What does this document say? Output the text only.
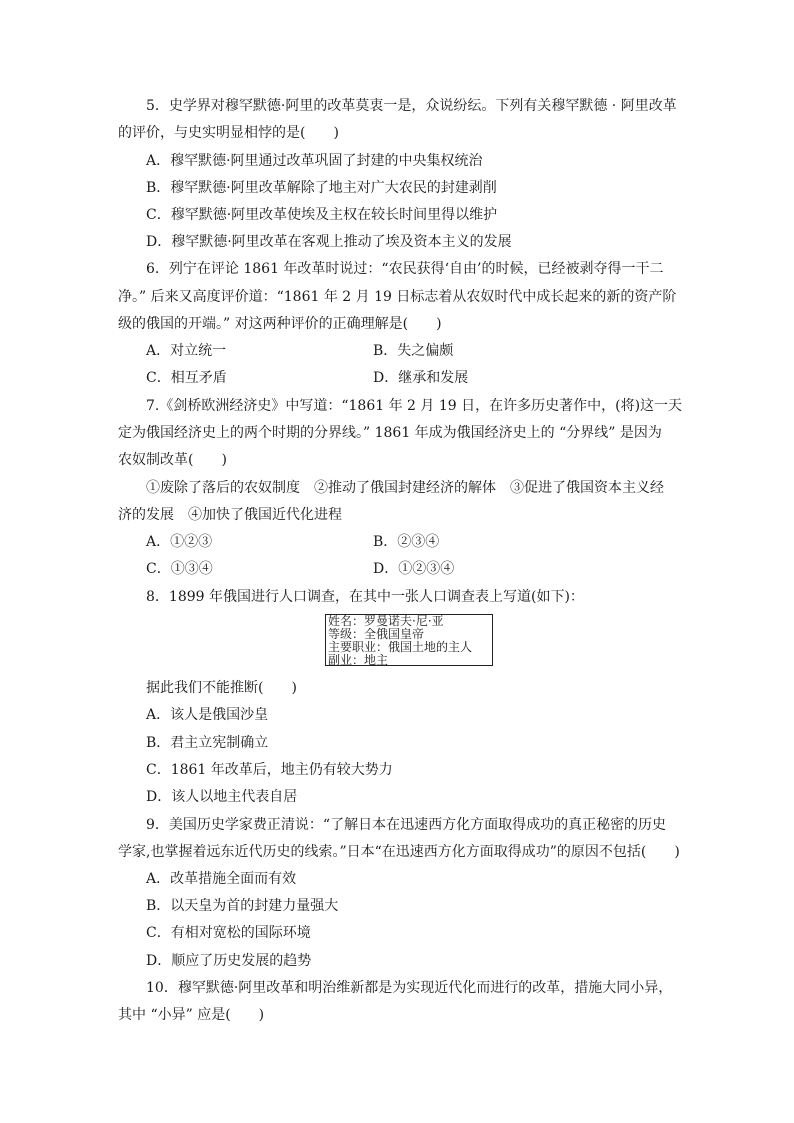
5．史学界对穆罕默德·阿里的改革莫衷一是，众说纷纭。下列有关穆罕默德 · 阿里改革
的评价，与史实明显相悖的是(　　)
A．穆罕默德·阿里通过改革巩固了封建的中央集权统治
B．穆罕默德·阿里改革解除了地主对广大农民的封建剥削
C．穆罕默德·阿里改革使埃及主权在较长时间里得以维护
D．穆罕默德·阿里改革在客观上推动了埃及资本主义的发展
6．列宁在评论 1861 年改革时说过：“农民获得‘自由’的时候，已经被剥夺得一干二
净。” 后来又高度评价道：“1861 年 2 月 19 日标志着从农奴时代中成长起来的新的资产阶
级的俄国的开端。” 对这两种评价的正确理解是(　　)
A．对立统一	B．失之偏颇
C．相互矛盾	D．继承和发展
7.《剑桥欧洲经济史》中写道：“1861 年 2 月 19 日，在许多历史著作中，(将)这一天
定为俄国经济史上的两个时期的分界线。” 1861 年成为俄国经济史上的 “分界线” 是因为
农奴制改革(　　)
①废除了落后的农奴制度　②推动了俄国封建经济的解体　③促进了俄国资本主义经
济的发展　④加快了俄国近代化进程
A．①②③	B．②③④
C．①③④	D．①②③④
8．1899 年俄国进行人口调查，在其中一张人口调查表上写道(如下)：
姓名：罗曼诺夫·尼·亚
等级：全俄国皇帝
主要职业：俄国土地的主人
副业：地主
据此我们不能推断(　　)
A．该人是俄国沙皇
B．君主立宪制确立
C．1861 年改革后，地主仍有较大势力
D．该人以地主代表自居
9．美国历史学家费正清说：“了解日本在迅速西方化方面取得成功的真正秘密的历史
学家,也掌握着远东近代历史的线索。”日本“在迅速西方化方面取得成功”的原因不包括(　　)
A．改革措施全面而有效
B．以天皇为首的封建力量强大
C．有相对宽松的国际环境
D．顺应了历史发展的趋势
10．穆罕默德·阿里改革和明治维新都是为实现近代化而进行的改革，措施大同小异，
其中 “小异” 应是(　　)
